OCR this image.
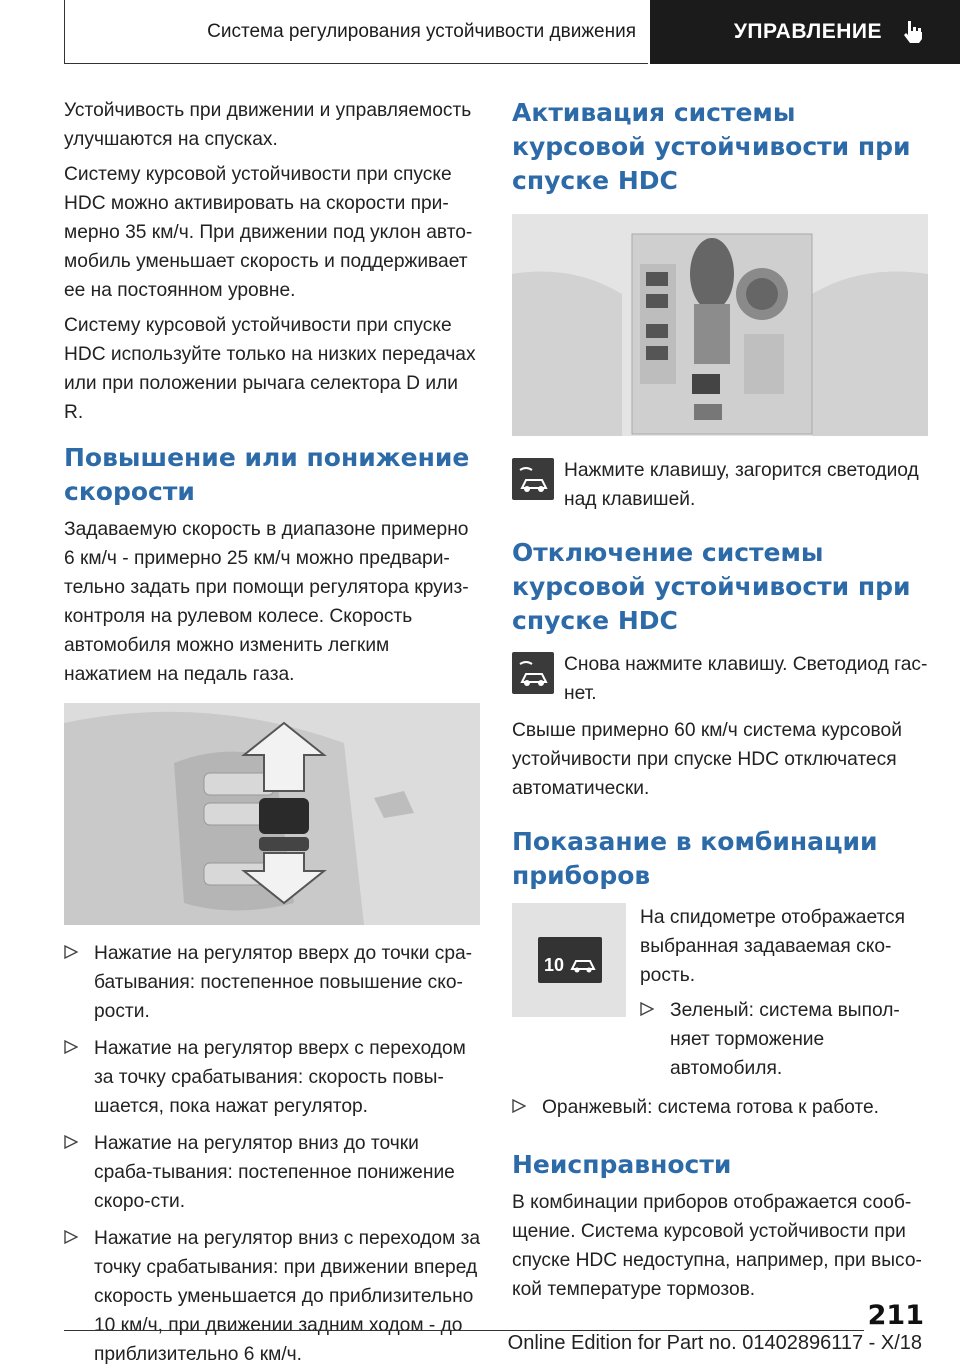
Система регулирования устойчивости движения	УПРАВЛЕНИЕ

Устойчивость при движении и управляемость улучшаются на спусках.

Систему курсовой устойчивости при спуске HDC можно активировать на скорости при-мерно 35 км/ч. При движении под уклон авто-мобиль уменьшает скорость и поддерживает ее на постоянном уровне.

Систему курсовой устойчивости при спуске HDC используйте только на низких передачах или при положении рычага селектора D или R.

Повышение или понижение скорости

Задаваемую скорость в диапазоне примерно 6 км/ч - примерно 25 км/ч можно предвари-тельно задать при помощи регулятора круиз-контроля на рулевом колесе. Скорость автомобиля можно изменить легким нажатием на педаль газа.

Нажатие на регулятор вверх до точки сра-батывания: постепенное повышение ско-рости.
Нажатие на регулятор вверх с переходом за точку срабатывания: скорость повы-шается, пока нажат регулятор.
Нажатие на регулятор вниз до точки сраба-тывания: постепенное понижение скоро-сти.
Нажатие на регулятор вниз с переходом за точку срабатывания: при движении вперед скорость уменьшается до приблизительно 10 км/ч, при движении задним ходом - до приблизительно 6 км/ч.
Активация системы курсовой устойчивости при спуске HDC

Нажмите клавишу, загорится светодиод над клавишей.

Отключение системы курсовой устойчивости при спуске HDC

Снова нажмите клавишу. Светодиод гас-нет.

Свыше примерно 60 км/ч система курсовой устойчивости при спуске HDC отключатеся автоматически.

Показание в комбинации приборов
10

На спидометре отображается выбранная задаваемая ско-рость.

Зеленый: система выпол-няет торможение автомобиля.
Оранжевый: система готова к работе.
Неисправности

В комбинации приборов отображается сооб-щение. Система курсовой устойчивости при спуске HDC недоступна, например, при высо-кой температуре тормозов.

211
Online Edition for Part no. 01402896117 - X/18
